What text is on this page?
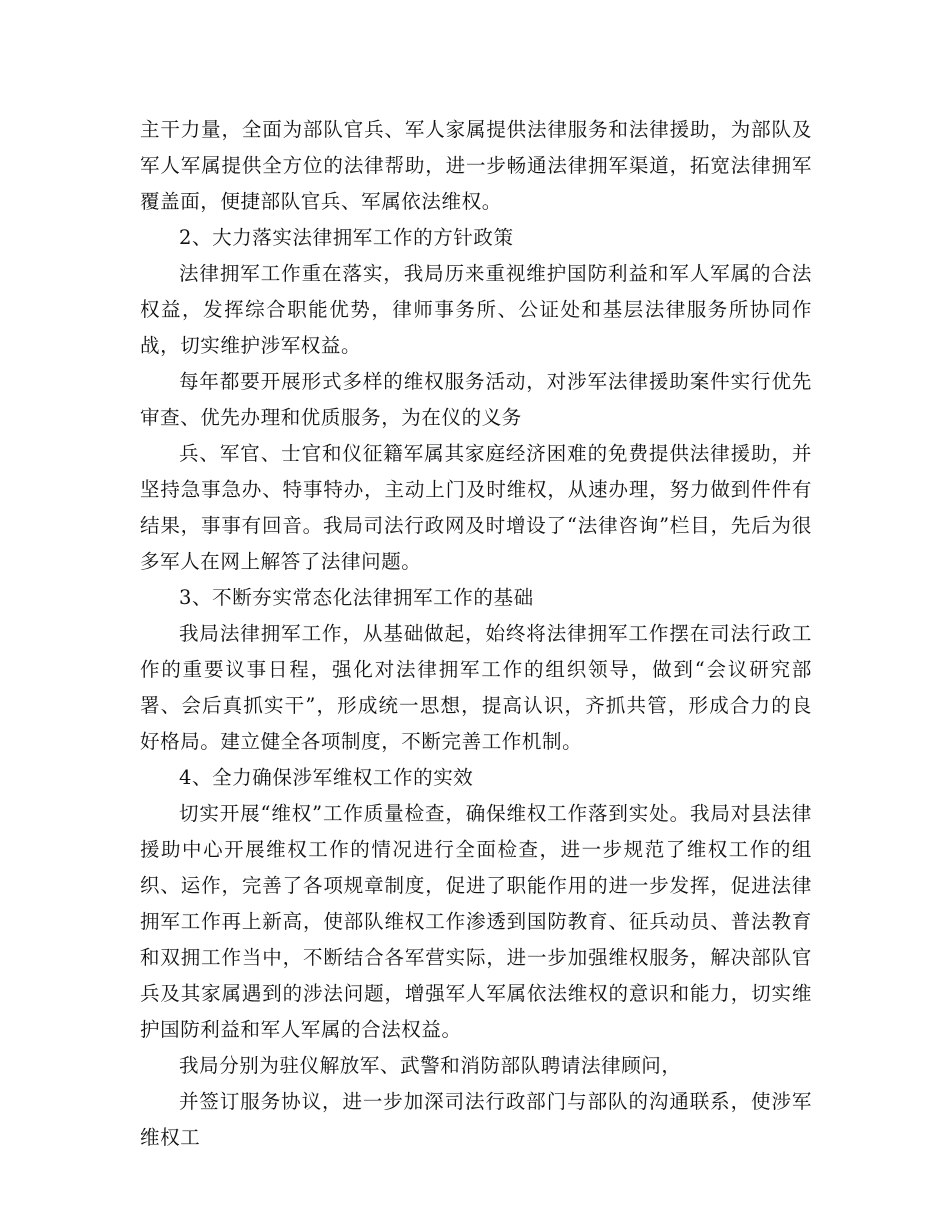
主干力量，全面为部队官兵、军人家属提供法律服务和法律援助，为部队及军人军属提供全方位的法律帮助，进一步畅通法律拥军渠道，拓宽法律拥军覆盖面，便捷部队官兵、军属依法维权。

2、大力落实法律拥军工作的方针政策

法律拥军工作重在落实，我局历来重视维护国防利益和军人军属的合法权益，发挥综合职能优势，律师事务所、公证处和基层法律服务所协同作战，切实维护涉军权益。

每年都要开展形式多样的维权服务活动，对涉军法律援助案件实行优先审查、优先办理和优质服务，为在仪的义务

兵、军官、士官和仪征籍军属其家庭经济困难的免费提供法律援助，并坚持急事急办、特事特办，主动上门及时维权，从速办理，努力做到件件有结果，事事有回音。我局司法行政网及时增设了“法律咨询”栏目，先后为很多军人在网上解答了法律问题。

3、不断夯实常态化法律拥军工作的基础

我局法律拥军工作，从基础做起，始终将法律拥军工作摆在司法行政工作的重要议事日程，强化对法律拥军工作的组织领导，做到“会议研究部署、会后真抓实干”，形成统一思想，提高认识，齐抓共管，形成合力的良好格局。建立健全各项制度，不断完善工作机制。

4、全力确保涉军维权工作的实效

切实开展“维权”工作质量检查，确保维权工作落到实处。我局对县法律援助中心开展维权工作的情况进行全面检查，进一步规范了维权工作的组织、运作，完善了各项规章制度，促进了职能作用的进一步发挥，促进法律拥军工作再上新高，使部队维权工作渗透到国防教育、征兵动员、普法教育和双拥工作当中，不断结合各军营实际，进一步加强维权服务，解决部队官兵及其家属遇到的涉法问题，增强军人军属依法维权的意识和能力，切实维护国防利益和军人军属的合法权益。

我局分别为驻仪解放军、武警和消防部队聘请法律顾问，

并签订服务协议，进一步加深司法行政部门与部队的沟通联系，使涉军维权工
